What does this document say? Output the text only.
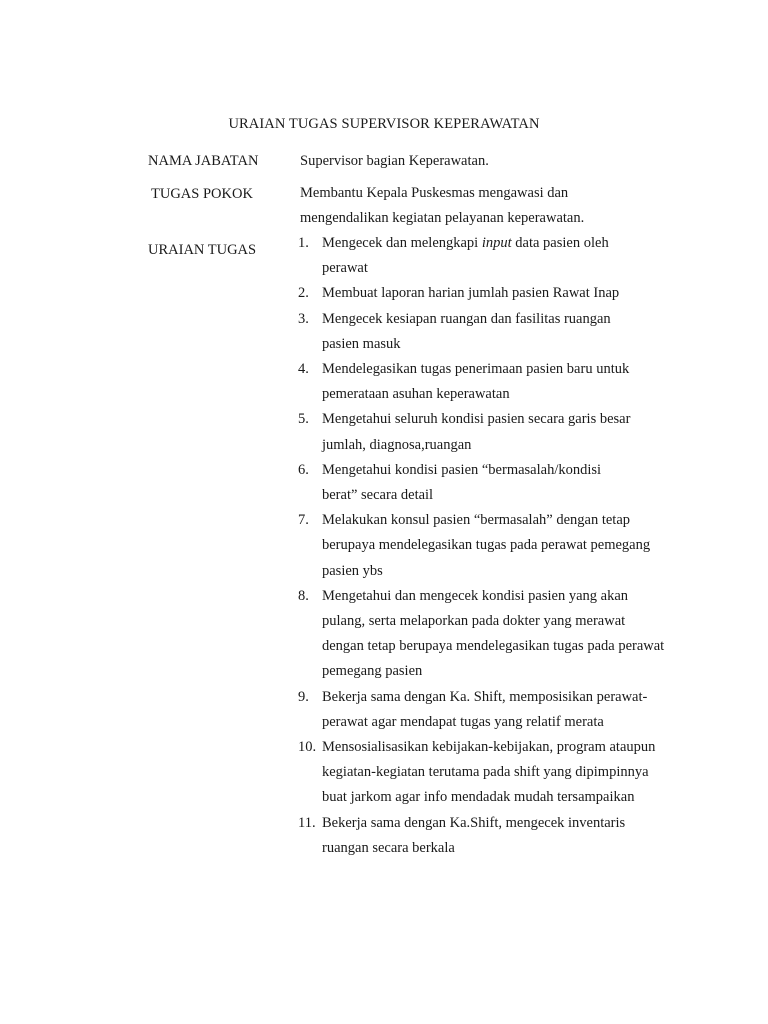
URAIAN TUGAS SUPERVISOR KEPERAWATAN
NAMA JABATAN	Supervisor bagian Keperawatan.
TUGAS POKOK	Membantu Kepala Puskesmas mengawasi dan mengendalikan kegiatan pelayanan keperawatan.
URAIAN TUGAS	1. Mengecek dan melengkapi input data pasien oleh perawat
2. Membuat laporan harian jumlah pasien Rawat Inap
3. Mengecek kesiapan ruangan dan fasilitas ruangan pasien masuk
4. Mendelegasikan tugas penerimaan pasien baru untuk pemerataan asuhan keperawatan
5. Mengetahui seluruh kondisi pasien secara garis besar jumlah, diagnosa,ruangan
6. Mengetahui kondisi pasien “bermasalah/kondisi berat” secara detail
7. Melakukan konsul pasien “bermasalah” dengan tetap berupaya mendelegasikan tugas pada perawat pemegang pasien ybs
8. Mengetahui dan mengecek kondisi pasien yang akan pulang, serta melaporkan pada dokter yang merawat dengan tetap berupaya mendelegasikan tugas pada perawat pemegang pasien
9. Bekerja sama dengan Ka. Shift, memposisikan perawat-perawat agar mendapat tugas yang relatif merata
10. Mensosialisasikan kebijakan-kebijakan, program ataupun kegiatan-kegiatan terutama pada shift yang dipimpinnya buat jarkom agar info mendadak mudah tersampaikan
11. Bekerja sama dengan Ka.Shift, mengecek inventaris ruangan secara berkala
